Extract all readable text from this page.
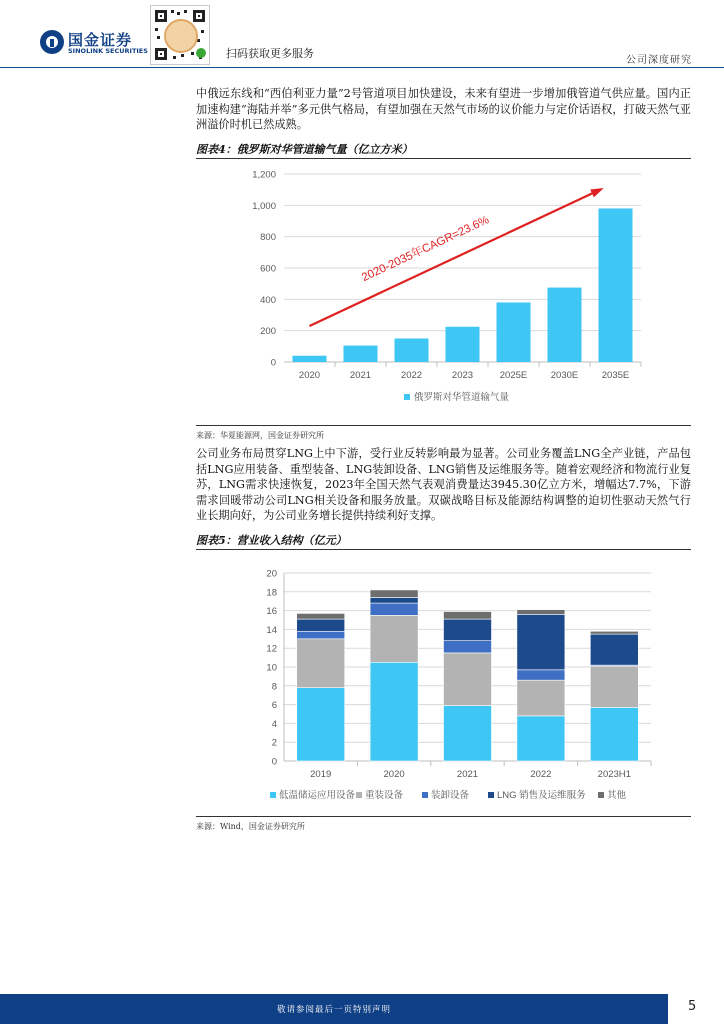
国金证券
SINOLINK SECURITIES	扫码获取更多服务
公司深度研究

中俄远东线和“西伯利亚力量”2号管道项目加快建设，未来有望进一步增加俄管道气供应量。国内正加速构建“海陆并举”多元供气格局，有望加强在天然气市场的议价能力与定价话语权，打破天然气亚洲溢价时机已然成熟。

图表4：俄罗斯对华管道输气量（亿立方米）
0
200
400
600
800
1,000
1,200
2020	2021	2022	2023	2025E 2030E 2035E
2020-2035年CAGR=23.6%
俄罗斯对华管道输气量
来源：华夏能源网，国金证券研究所

公司业务布局贯穿LNG上中下游，受行业反转影响最为显著。公司业务覆盖LNG全产业链，产品包括LNG应用装备、重型装备、LNG装卸设备、LNG销售及运维服务等。随着宏观经济和物流行业复苏，LNG需求快速恢复，2023年全国天然气表观消费量达3945.30亿立方米，增幅达7.7%，下游需求回暖带动公司LNG相关设备和服务放量。双碳战略目标及能源结构调整的迫切性驱动天然气行业长期向好，为公司业务增长提供持续利好支撑。

图表5：营业收入结构（亿元）
0
2
4
6
8
10
12
14
16
18
20
2019	2020	2021	2022	2023H1
低温储运应用设备 重装设备	装卸设备	LNG 销售及运维服务 其他
来源：Wind，国金证券研究所
敬请参阅最后一页特别声明	5
